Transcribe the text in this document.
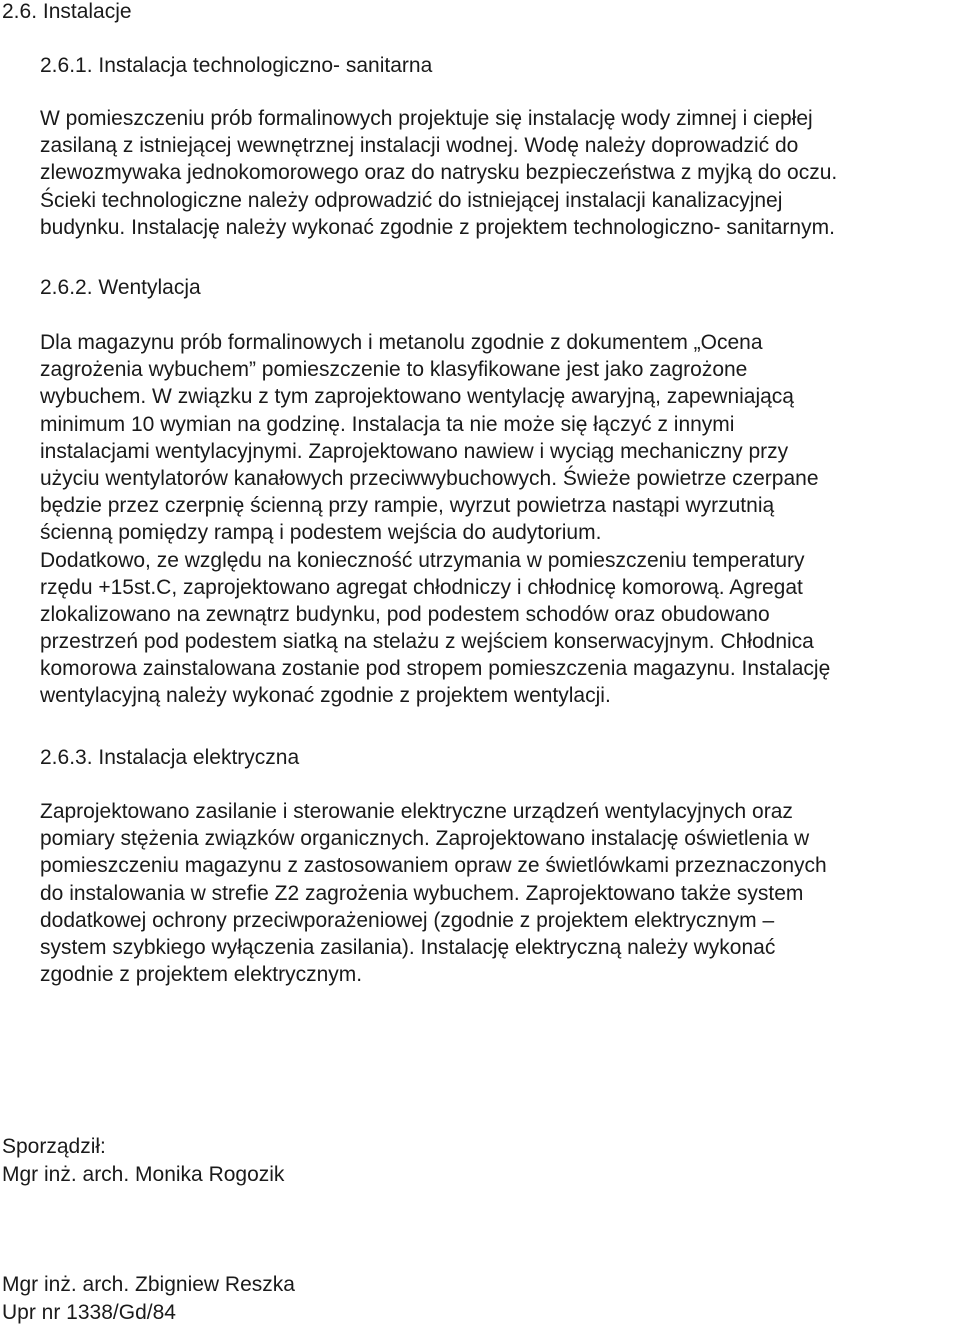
2.6. Instalacje
2.6.1. Instalacja technologiczno- sanitarna
W pomieszczeniu prób formalinowych projektuje się instalację wody zimnej i ciepłej
zasilaną z istniejącej wewnętrznej instalacji wodnej. Wodę należy doprowadzić do
zlewozmywaka jednokomorowego oraz do natrysku bezpieczeństwa z myjką do oczu.
Ścieki technologiczne należy odprowadzić do istniejącej instalacji kanalizacyjnej
budynku. Instalację należy wykonać zgodnie z projektem technologiczno- sanitarnym.
2.6.2. Wentylacja
Dla magazynu prób formalinowych i metanolu zgodnie z dokumentem „Ocena
zagrożenia wybuchem” pomieszczenie to klasyfikowane jest jako zagrożone
wybuchem. W związku z tym zaprojektowano wentylację awaryjną, zapewniającą
minimum 10 wymian na godzinę. Instalacja ta nie może się łączyć z innymi
instalacjami wentylacyjnymi. Zaprojektowano nawiew i wyciąg mechaniczny przy
użyciu wentylatorów kanałowych przeciwwybuchowych. Świeże powietrze czerpane
będzie przez czerpnię ścienną przy rampie, wyrzut powietrza nastąpi wyrzutnią
ścienną pomiędzy rampą i podestem wejścia do audytorium.
Dodatkowo, ze względu na konieczność utrzymania w pomieszczeniu temperatury
rzędu +15st.C, zaprojektowano agregat chłodniczy i chłodnicę komorową. Agregat
zlokalizowano na zewnątrz budynku, pod podestem schodów oraz obudowano
przestrzeń pod podestem siatką na stelażu z wejściem konserwacyjnym. Chłodnica
komorowa zainstalowana zostanie pod stropem pomieszczenia magazynu. Instalację
wentylacyjną należy wykonać zgodnie z projektem wentylacji.
2.6.3. Instalacja elektryczna
Zaprojektowano zasilanie i sterowanie elektryczne urządzeń wentylacyjnych oraz
pomiary stężenia związków organicznych. Zaprojektowano instalację oświetlenia w
pomieszczeniu magazynu z zastosowaniem opraw ze świetlówkami przeznaczonych
do instalowania w strefie Z2 zagrożenia wybuchem. Zaprojektowano także system
dodatkowej ochrony przeciwporażeniowej (zgodnie z projektem elektrycznym –
system szybkiego wyłączenia zasilania). Instalację elektryczną należy wykonać
zgodnie z projektem elektrycznym.
Sporządził:
Mgr inż. arch. Monika Rogozik
Mgr inż. arch. Zbigniew Reszka
Upr nr 1338/Gd/84
